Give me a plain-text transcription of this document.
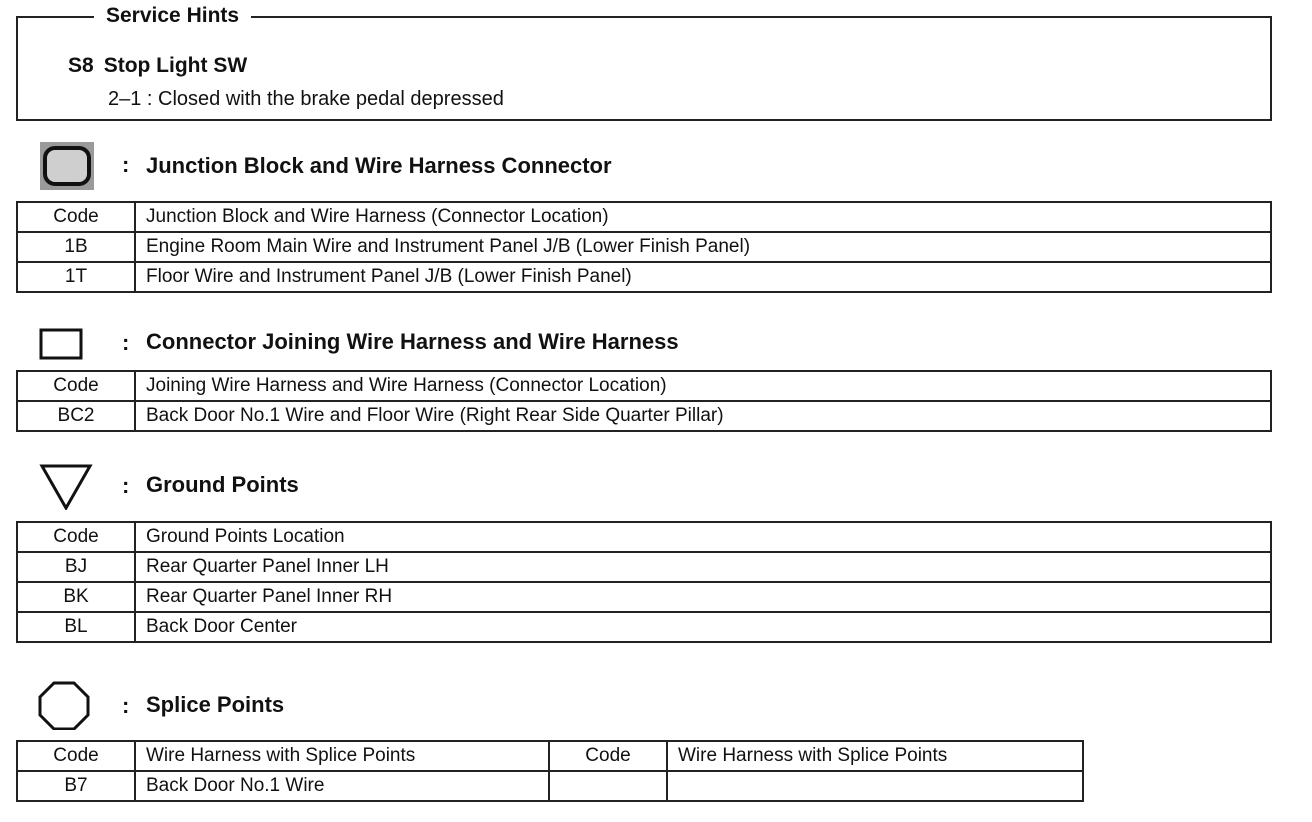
S8 Stop Light SW
2–1 : Closed with the brake pedal depressed
Service Hints
: Junction Block and Wire Harness Connector
Code	Junction Block and Wire Harness (Connector Location)
1B	Engine Room Main Wire and Instrument Panel J/B (Lower Finish Panel)
1T	Floor Wire and Instrument Panel J/B (Lower Finish Panel)
: Connector Joining Wire Harness and Wire Harness
Code	Joining Wire Harness and Wire Harness (Connector Location)
BC2	Back Door No.1 Wire and Floor Wire (Right Rear Side Quarter Pillar)
: Ground Points
Code	Ground Points Location
BJ	Rear Quarter Panel Inner LH
BK	Rear Quarter Panel Inner RH
BL	Back Door Center
: Splice Points
Code	Wire Harness with Splice Points	Code	Wire Harness with Splice Points
B7	Back Door No.1 Wire		
